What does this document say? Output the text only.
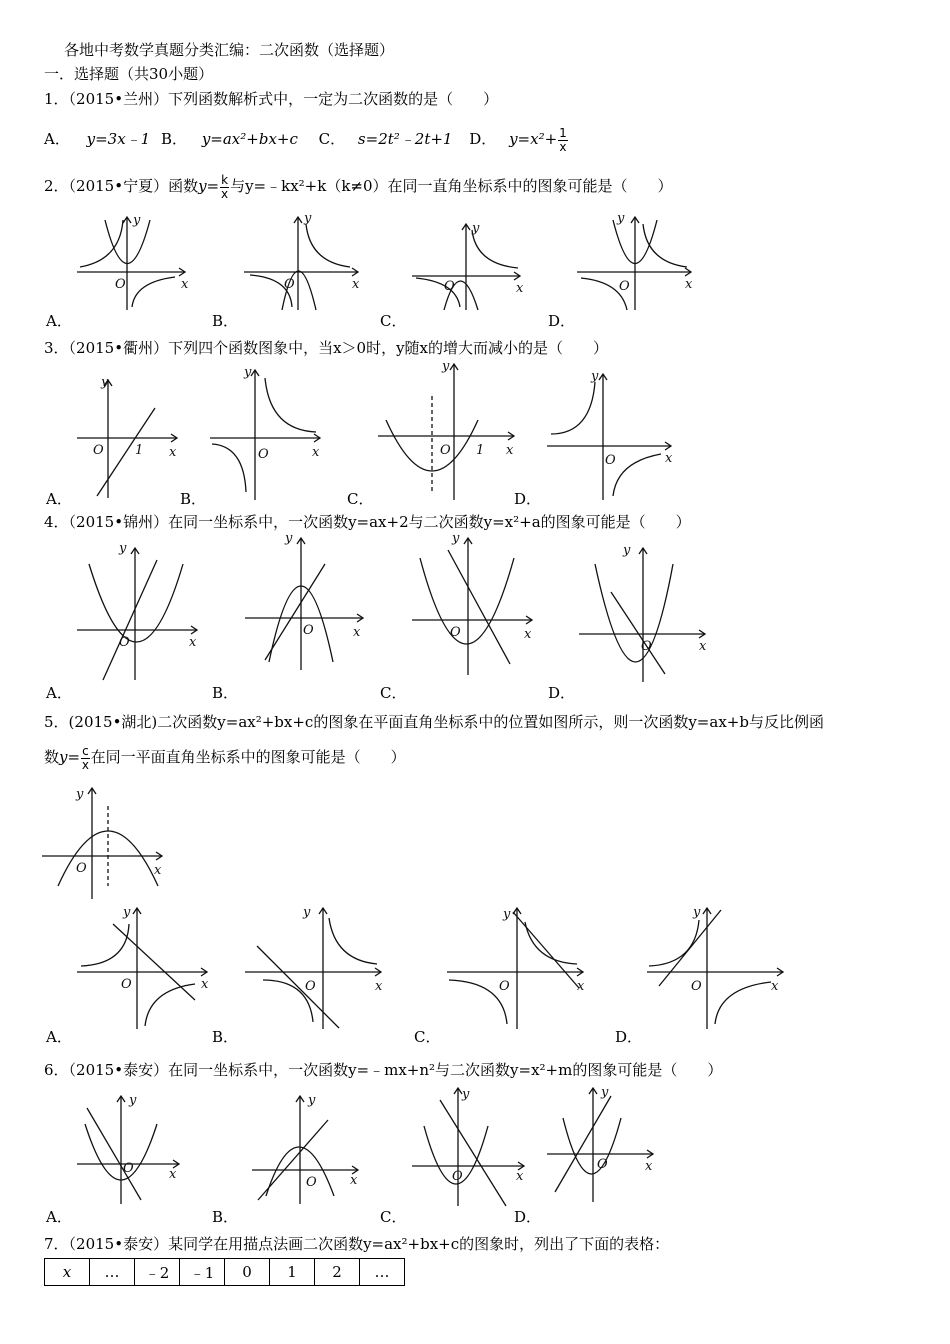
各地中考数学真题分类汇编：二次函数（选择题）
一．选择题（共30小题）
1．（2015•兰州）下列函数解析式中，一定为二次函数的是（　　）
A． y=3x﹣1 B． y=ax²+bx+c C． s=2t²﹣2t+1 D． $y=x^2+ \frac{1}{x}$
2．（2015•宁夏）函数$y= \frac{k}{x}$ 与y=﹣kx²+k（k≠0）在同一直角坐标系中的图象可能是（　　）
y
x
O
y
x
O
y
x
O
y
x
O
A．	B．	C．	D．
3．（2015•衢州）下列四个函数图象中，当x＞0时，y随x的增大而减小的是（　　）
y
x
O 1
y
x
O
y
x
O 1
y
x
O
A．	B．	C．	D．
4．（2015•锦州）在同一坐标系中，一次函数y=ax+2与二次函数y=x²+a的图象可能是（　　）
y
x
O
y
x
O
y
x
O
y
x
O
A．	B．	C．	D．
5．(2015•湖北)二次函数y=ax²+bx+c的图象在平面直角坐标系中的位置如图所示，则一次函数y=ax+b与反比例函
数$y= \frac{c}{x}$ 在同一平面直角坐标系中的图象可能是（　　）
y
x
O
y
x
O
y
x
O
y
x
O
y
x
O
A．	B．	C．	D．
6．（2015•泰安）在同一坐标系中，一次函数y=﹣mx+n²与二次函数y=x²+m的图象可能是（　　）
y
x
O
y
x
O
y
x
O
y
x
O
A．	B．	C．	D．
7．（2015•泰安）某同学在用描点法画二次函数y=ax²+bx+c的图象时，列出了下面的表格：
x	…	﹣2	﹣1	0	1	2	…
